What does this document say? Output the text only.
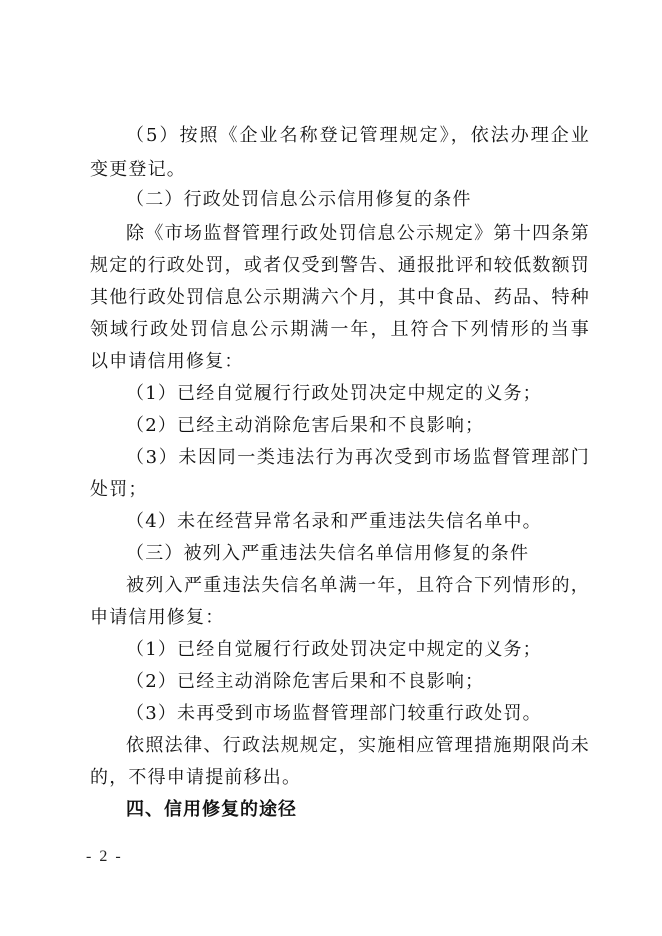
（5）按照《企业名称登记管理规定》，依法办理企业
变更登记。
（二）行政处罚信息公示信用修复的条件
除《市场监督管理行政处罚信息公示规定》第十四条第
规定的行政处罚，或者仅受到警告、通报批评和较低数额罚
其他行政处罚信息公示期满六个月，其中食品、药品、特种
领域行政处罚信息公示期满一年，且符合下列情形的当事
以申请信用修复：
（1）已经自觉履行行政处罚决定中规定的义务；
（2）已经主动消除危害后果和不良影响；
（3）未因同一类违法行为再次受到市场监督管理部门
处罚；
（4）未在经营异常名录和严重违法失信名单中。
（三）被列入严重违法失信名单信用修复的条件
被列入严重违法失信名单满一年，且符合下列情形的，
申请信用修复：
（1）已经自觉履行行政处罚决定中规定的义务；
（2）已经主动消除危害后果和不良影响；
（3）未再受到市场监督管理部门较重行政处罚。
依照法律、行政法规规定，实施相应管理措施期限尚未
的，不得申请提前移出。
四、信用修复的途径
- 2 -
